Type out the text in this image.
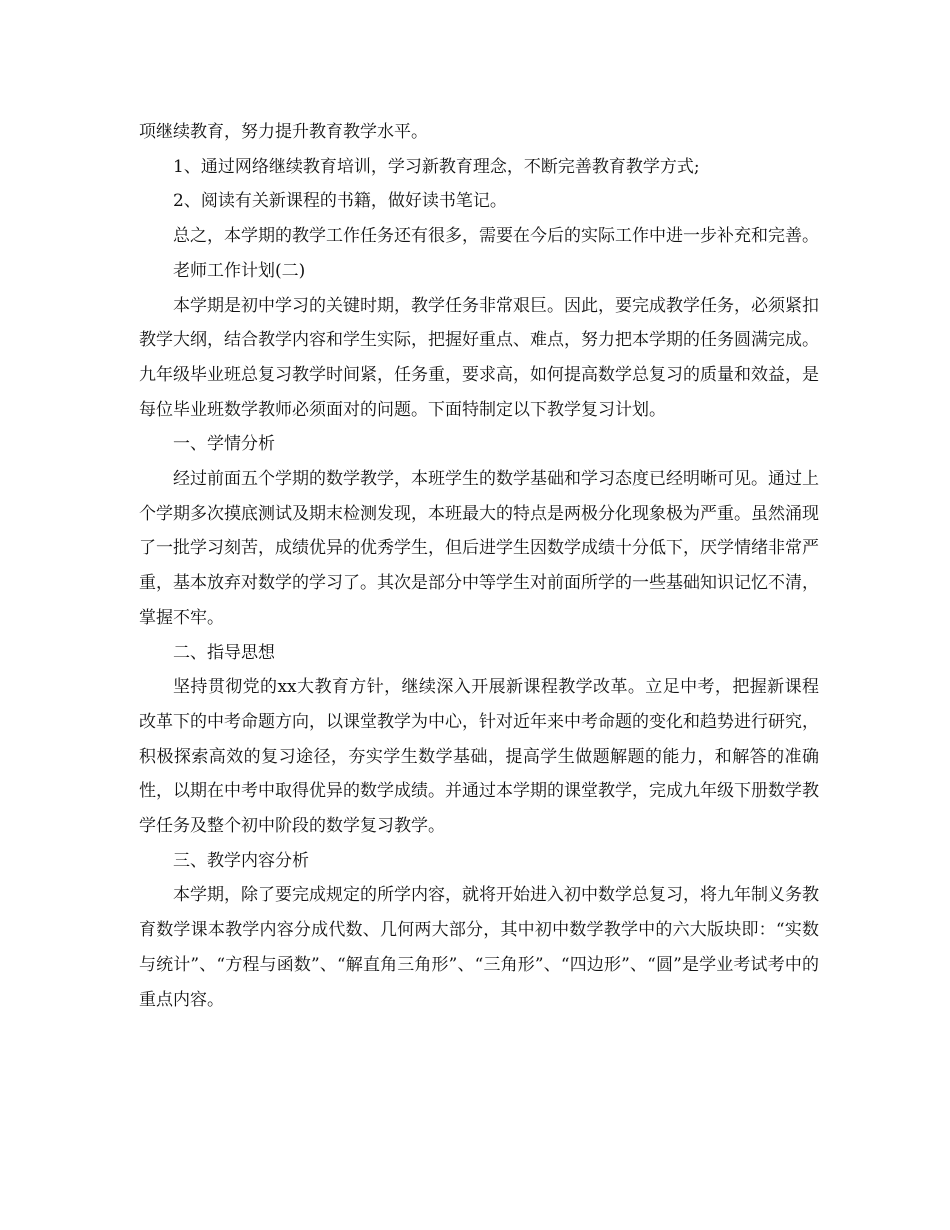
项继续教育，努力提升教育教学水平。

1、通过网络继续教育培训，学习新教育理念，不断完善教育教学方式;

2、阅读有关新课程的书籍，做好读书笔记。

总之，本学期的教学工作任务还有很多，需要在今后的实际工作中进一步补充和完善。

老师工作计划(二)

本学期是初中学习的关键时期，教学任务非常艰巨。因此，要完成教学任务，必须紧扣教学大纲，结合教学内容和学生实际，把握好重点、难点，努力把本学期的任务圆满完成。九年级毕业班总复习教学时间紧，任务重，要求高，如何提高数学总复习的质量和效益，是每位毕业班数学教师必须面对的问题。下面特制定以下教学复习计划。

一、学情分析

经过前面五个学期的数学教学，本班学生的数学基础和学习态度已经明晰可见。通过上个学期多次摸底测试及期末检测发现，本班最大的特点是两极分化现象极为严重。虽然涌现了一批学习刻苦，成绩优异的优秀学生，但后进学生因数学成绩十分低下，厌学情绪非常严重，基本放弃对数学的学习了。其次是部分中等学生对前面所学的一些基础知识记忆不清，掌握不牢。

二、指导思想

坚持贯彻党的xx大教育方针，继续深入开展新课程教学改革。立足中考，把握新课程改革下的中考命题方向，以课堂教学为中心，针对近年来中考命题的变化和趋势进行研究，积极探索高效的复习途径，夯实学生数学基础，提高学生做题解题的能力，和解答的准确性，以期在中考中取得优异的数学成绩。并通过本学期的课堂教学，完成九年级下册数学教学任务及整个初中阶段的数学复习教学。

三、教学内容分析

本学期，除了要完成规定的所学内容，就将开始进入初中数学总复习，将九年制义务教育数学课本教学内容分成代数、几何两大部分，其中初中数学教学中的六大版块即：“实数与统计”、“方程与函数”、“解直角三角形”、“三角形”、“四边形”、“圆”是学业考试考中的重点内容。
